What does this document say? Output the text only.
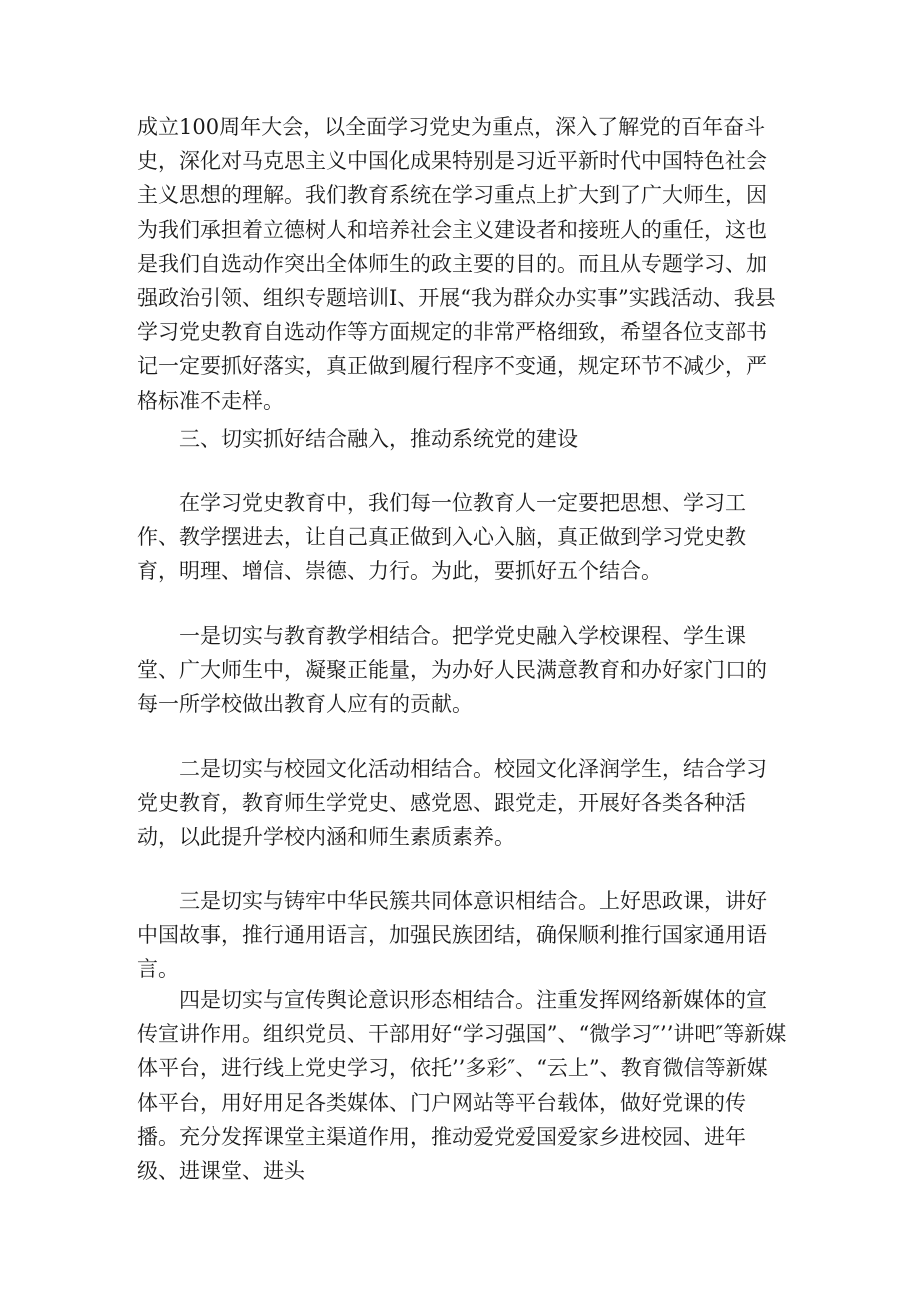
成立100周年大会，以全面学习党史为重点，深入了解党的百年奋斗史，深化对马克思主义中国化成果特别是习近平新时代中国特色社会主义思想的理解。我们教育系统在学习重点上扩大到了广大师生，因为我们承担着立德树人和培养社会主义建设者和接班人的重任，这也是我们自选动作突出全体师生的政主要的目的。而且从专题学习、加强政治引领、组织专题培训I、开展“我为群众办实事”实践活动、我县学习党史教育自选动作等方面规定的非常严格细致，希望各位支部书记一定要抓好落实，真正做到履行程序不变通，规定环节不减少，严格标准不走样。

三、切实抓好结合融入，推动系统党的建设

在学习党史教育中，我们每一位教育人一定要把思想、学习工作、教学摆进去，让自己真正做到入心入脑，真正做到学习党史教育，明理、增信、崇德、力行。为此，要抓好五个结合。

一是切实与教育教学相结合。把学党史融入学校课程、学生课堂、广大师生中，凝聚正能量，为办好人民满意教育和办好家门口的每一所学校做出教育人应有的贡献。

二是切实与校园文化活动相结合。校园文化泽润学生，结合学习党史教育，教育师生学党史、感党恩、跟党走，开展好各类各种活动，以此提升学校内涵和师生素质素养。

三是切实与铸牢中华民簇共同体意识相结合。上好思政课，讲好中国故事，推行通用语言，加强民族团结，确保顺利推行国家通用语言。

四是切实与宣传舆论意识形态相结合。注重发挥网络新媒体的宣传宣讲作用。组织党员、干部用好“学习强国”、“微学习″’’讲吧″等新媒体平台，进行线上党史学习，依托’’多彩″、“云上”、教育微信等新媒体平台，用好用足各类媒体、门户网站等平台载体，做好党课的传播。充分发挥课堂主渠道作用，推动爱党爱国爱家乡进校园、进年级、进课堂、进头
